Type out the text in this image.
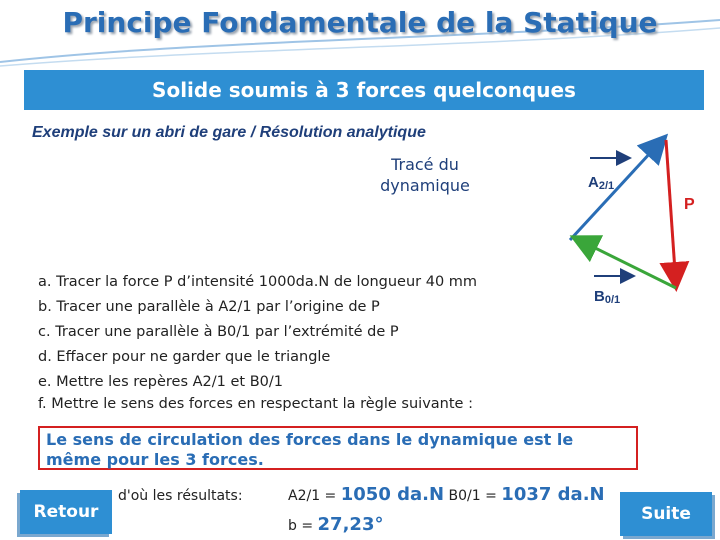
Principe Fondamentale de la Statique
Solide soumis à 3 forces quelconques
Exemple sur un abri de gare / Résolution analytique
Tracé du
dynamique	$A_{2/1}$
$B_{0/1}$
P
a. Tracer la force P d’intensité 1000da.N de longueur 40 mm
b. Tracer une parallèle à A2/1 par l’origine de P
c. Tracer une parallèle à B0/1 par l’extrémité de P
d. Effacer pour ne garder que le triangle
e. Mettre les repères A2/1 et B0/1
f. Mettre le sens des forces en respectant la règle suivante :
Le sens de circulation des forces dans le dynamique est le même pour les 3 forces.
Retour
d'où les résultats:	A2/1 = 1050 da.N B0/1 = 1037 da.N
b = 27,23°	Suite
